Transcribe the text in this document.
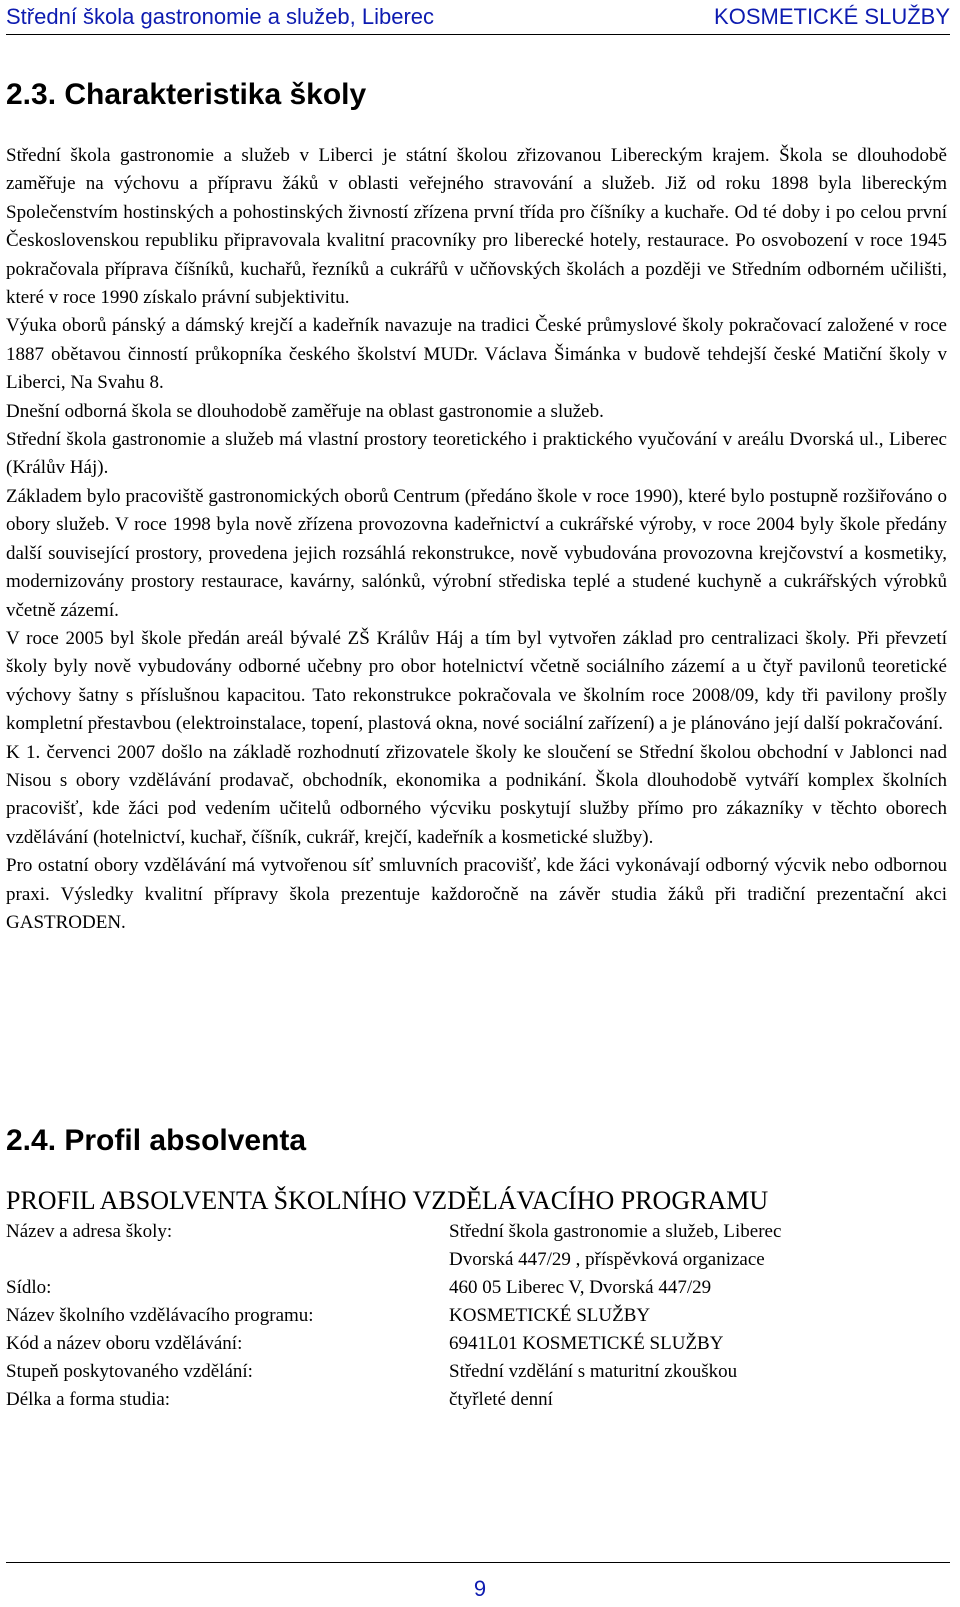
Střední škola gastronomie a služeb, Liberec	KOSMETICKÉ SLUŽBY
2.3. Charakteristika školy

Střední škola gastronomie a služeb v Liberci je státní školou zřizovanou Libereckým krajem. Škola se dlouhodobě zaměřuje na výchovu a přípravu žáků v oblasti veřejného stravování a služeb. Již od roku 1898 byla libereckým Společenstvím hostinských a pohostinských živností zřízena první třída pro číšníky a kuchaře. Od té doby i po celou první Československou republiku připravovala kvalitní pracovníky pro liberecké hotely, restaurace. Po osvobození v roce 1945 pokračovala příprava číšníků, kuchařů, řezníků a cukrářů v učňovských školách a později ve Středním odborném učilišti, které v roce 1990 získalo právní subjektivitu.

Výuka oborů pánský a dámský krejčí a kadeřník navazuje na tradici České průmyslové školy pokračovací založené v roce 1887 obětavou činností průkopníka českého školství MUDr. Václava Šimánka v budově tehdejší české Matiční školy v Liberci, Na Svahu 8.

Dnešní odborná škola se dlouhodobě zaměřuje na oblast gastronomie a služeb.

Střední škola gastronomie a služeb má vlastní prostory teoretického i praktického vyučování v areálu Dvorská ul., Liberec (Králův Háj).

Základem bylo pracoviště gastronomických oborů Centrum (předáno škole v roce 1990), které bylo postupně rozšiřováno o obory služeb. V roce 1998 byla nově zřízena provozovna kadeřnictví a cukrářské výroby, v roce 2004 byly škole předány další související prostory, provedena jejich rozsáhlá rekonstrukce, nově vybudována provozovna krejčovství a kosmetiky, modernizovány prostory restaurace, kavárny, salónků, výrobní střediska teplé a studené kuchyně a cukrářských výrobků včetně zázemí.

V roce 2005 byl škole předán areál bývalé ZŠ Králův Háj a tím byl vytvořen základ pro centralizaci školy. Při převzetí školy byly nově vybudovány odborné učebny pro obor hotelnictví včetně sociálního zázemí a u čtyř pavilonů teoretické výchovy šatny s příslušnou kapacitou. Tato rekonstrukce pokračovala ve školním roce 2008/09, kdy tři pavilony prošly kompletní přestavbou (elektroinstalace, topení, plastová okna, nové sociální zařízení) a je plánováno její další pokračování.

K 1. červenci 2007 došlo na základě rozhodnutí zřizovatele školy ke sloučení se Střední školou obchodní v Jablonci nad Nisou s obory vzdělávání prodavač, obchodník, ekonomika a podnikání. Škola dlouhodobě vytváří komplex školních pracovišť, kde žáci pod vedením učitelů odborného výcviku poskytují služby přímo pro zákazníky v těchto oborech vzdělávání (hotelnictví, kuchař, číšník, cukrář, krejčí, kadeřník a kosmetické služby).

Pro ostatní obory vzdělávání má vytvořenou síť smluvních pracovišť, kde žáci vykonávají odborný výcvik nebo odbornou praxi. Výsledky kvalitní přípravy škola prezentuje každoročně na závěr studia žáků při tradiční prezentační akci GASTRODEN.

2.4. Profil absolventa
PROFIL ABSOLVENTA ŠKOLNÍHO VZDĚLÁVACÍHO PROGRAMU
Název a adresa školy:	Střední škola gastronomie a služeb, Liberec
Dvorská 447/29 , příspěvková organizace
Sídlo:	460 05 Liberec V, Dvorská 447/29
Název školního vzdělávacího programu:	KOSMETICKÉ SLUŽBY
Kód a název oboru vzdělávání:	6941L01 KOSMETICKÉ SLUŽBY
Stupeň poskytovaného vzdělání:	Střední vzdělání s maturitní zkouškou
Délka a forma studia:	čtyřleté denní
9
